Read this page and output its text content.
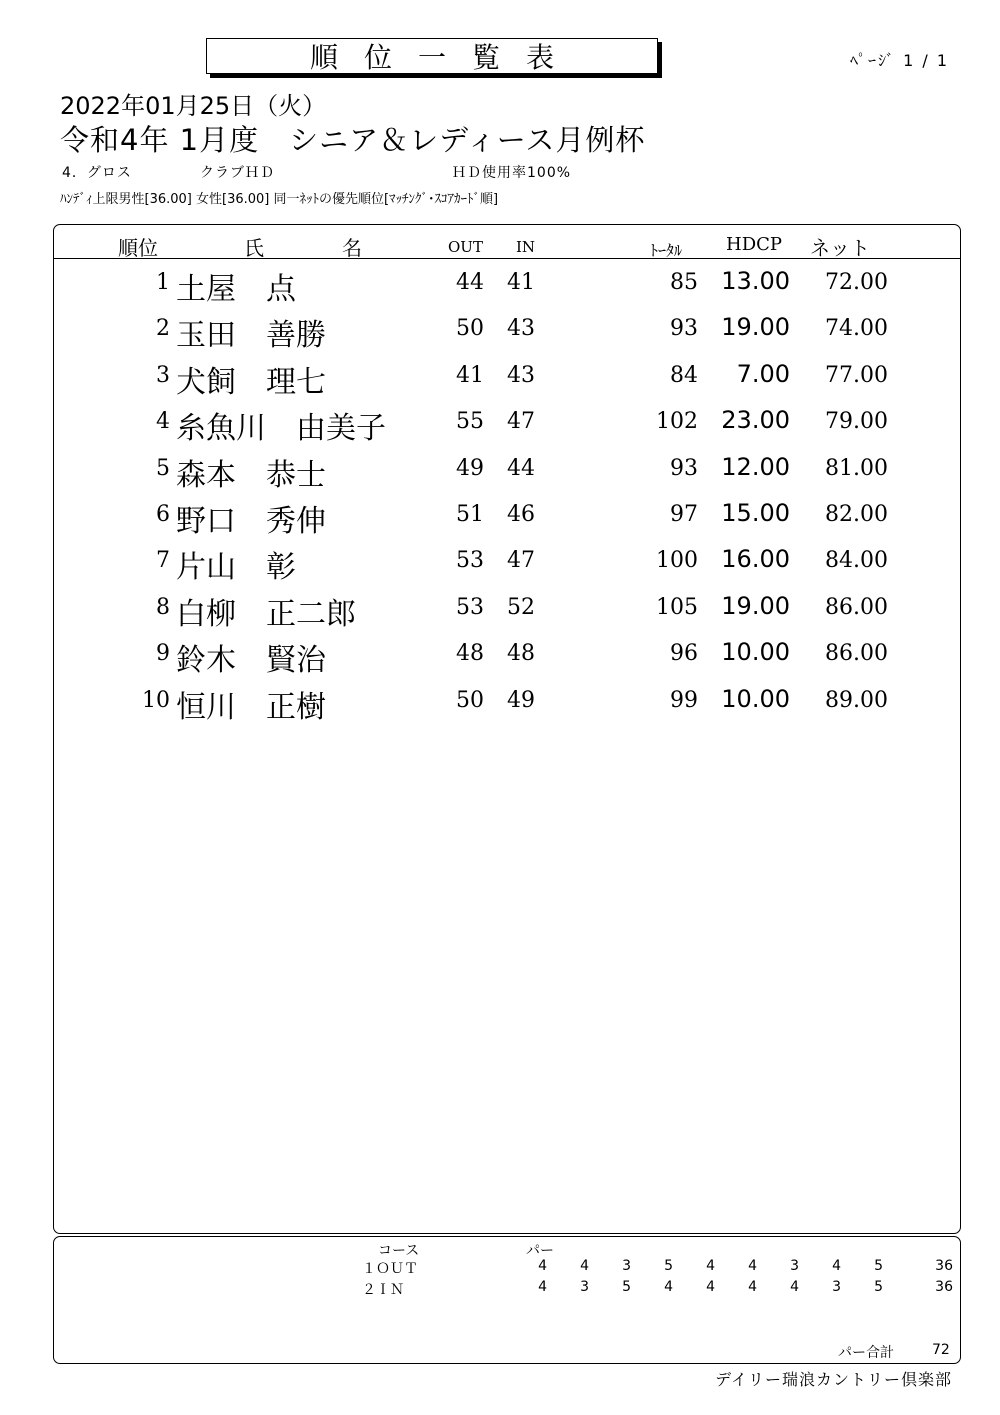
順位一覧表	ﾍﾟｰｼﾞ 1 / 1
2022年01月25日（火）
令和4年 1月度　シニア＆レディース月例杯
4．グロス	クラブＨＤ	ＨＤ使用率100%
ﾊﾝﾃﾞｨ上限男性[36.00] 女性[36.00] 同一ﾈｯﾄの優先順位[ﾏｯﾁﾝｸﾞ･ｽｺｱｶｰﾄﾞ順]
順位	氏	名	OUT IN	ﾄｰﾀﾙ HDCP ネット
1 土屋　点	44 41	85 13.00 72.00
2 玉田　善勝	50 43	93 19.00 74.00
3 犬飼　理七	41 43	84 7.00 77.00
4 糸魚川　由美子	55 47	102 23.00 79.00
5 森本　恭士	49 44	93 12.00 81.00
6 野口　秀伸	51 46	97 15.00 82.00
7 片山　彰	53 47	100 16.00 84.00
8 白柳　正二郎	53 52	105 19.00 86.00
9 鈴木　賢治	48 48	96 10.00 86.00
10 恒川　正樹	50 49	99 10.00 89.00
コース	パー
１ＯＵＴ	4	4	3	5	4	4	3	4	5	36
２ＩＮ	4	3	5	4	4	4	4	3	5	36
パー合計	72
デイリー瑞浪カントリー倶楽部
